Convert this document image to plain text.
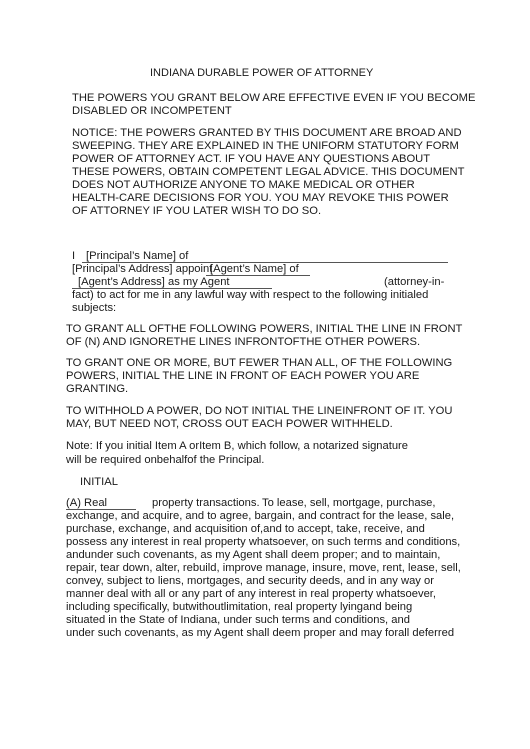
INDIANA DURABLE POWER OF ATTORNEY
THE POWERS YOU GRANT BELOW ARE EFFECTIVE EVEN IF YOU BECOME
DISABLED OR INCOMPETENT
NOTICE: THE POWERS GRANTED BY THIS DOCUMENT ARE BROAD AND
SWEEPING. THEY ARE EXPLAINED IN THE UNIFORM STATUTORY FORM
POWER OF ATTORNEY ACT. IF YOU HAVE ANY QUESTIONS ABOUT
THESE POWERS, OBTAIN COMPETENT LEGAL ADVICE. THIS DOCUMENT
DOES NOT AUTHORIZE ANYONE TO MAKE MEDICAL OR OTHER
HEALTH-CARE DECISIONS FOR YOU. YOU MAY REVOKE THIS POWER
OF ATTORNEY IF YOU LATER WISH TO DO SO.
I [Principal’s Name] of
[Principal’s Address] appoint
[Agent’s Name] of
[Agent’s Address] as my Agent	(attorney-in-
fact) to act for me in any lawful way with respect to the following initialed
subjects:
TO GRANT ALL OFTHE FOLLOWING POWERS, INITIAL THE LINE IN FRONT
OF (N) AND IGNORETHE LINES INFRONTOFTHE OTHER POWERS.
TO GRANT ONE OR MORE, BUT FEWER THAN ALL, OF THE FOLLOWING
POWERS, INITIAL THE LINE IN FRONT OF EACH POWER YOU ARE
GRANTING.
TO WITHHOLD A POWER, DO NOT INITIAL THE LINEINFRONT OF IT. YOU
MAY, BUT NEED NOT, CROSS OUT EACH POWER WITHHELD.
Note: If you initial Item A orItem B, which follow, a notarized signature
will be required onbehalfof the Principal.
INITIAL
(A) Real	property transactions. To lease, sell, mortgage, purchase,
exchange, and acquire, and to agree, bargain, and contract for the lease, sale,
purchase, exchange, and acquisition of,and to accept, take, receive, and
possess any interest in real property whatsoever, on such terms and conditions,
andunder such covenants, as my Agent shall deem proper; and to maintain,
repair, tear down, alter, rebuild, improve manage, insure, move, rent, lease, sell,
convey, subject to liens, mortgages, and security deeds, and in any way or
manner deal with all or any part of any interest in real property whatsoever,
including specifically, butwithoutlimitation, real property lyingand being
situated in the State of Indiana, under such terms and conditions, and
under such covenants, as my Agent shall deem proper and may forall deferred
